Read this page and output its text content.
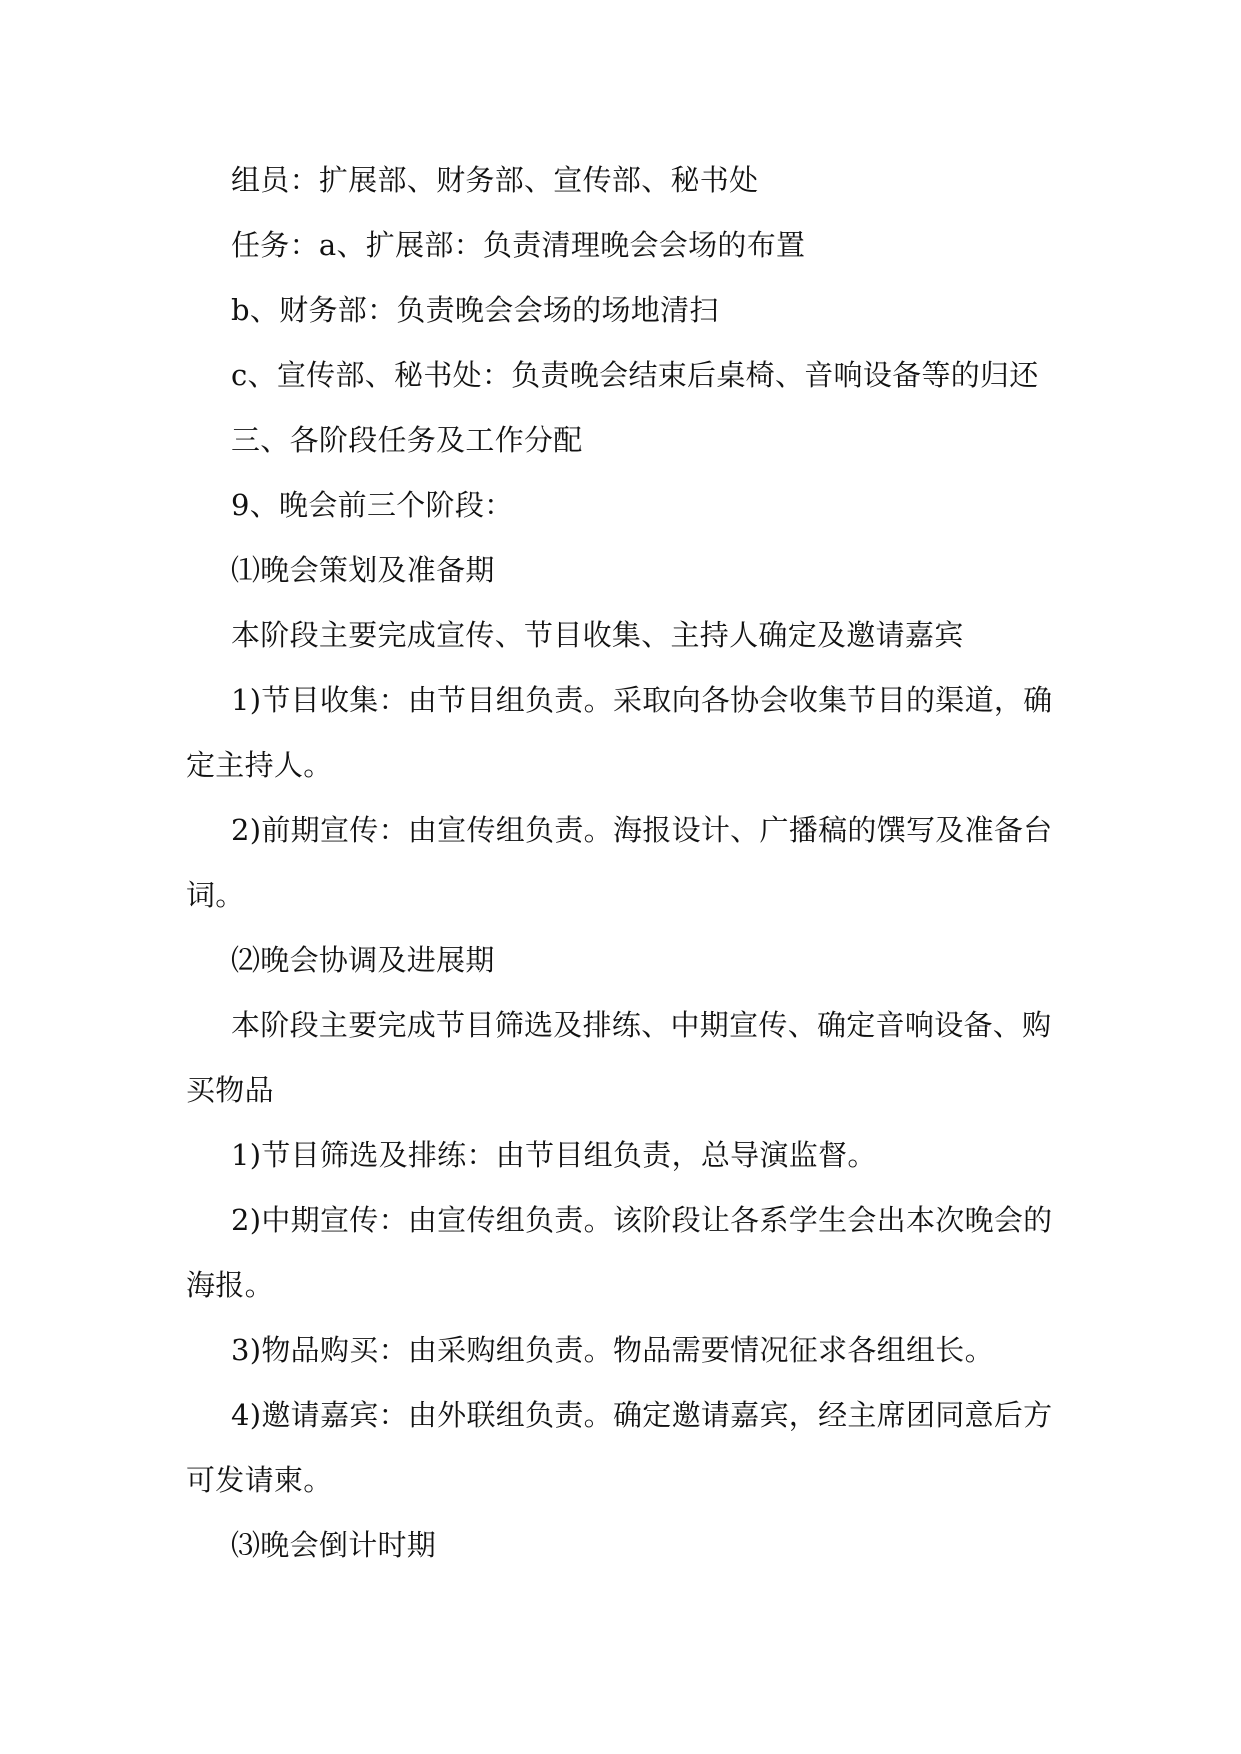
组员：扩展部、财务部、宣传部、秘书处
任务：a、扩展部：负责清理晚会会场的布置
b、财务部：负责晚会会场的场地清扫
c、宣传部、秘书处：负责晚会结束后桌椅、音响设备等的归还
三、各阶段任务及工作分配
9、晚会前三个阶段：
⑴晚会策划及准备期
本阶段主要完成宣传、节目收集、主持人确定及邀请嘉宾
1)节目收集：由节目组负责。采取向各协会收集节目的渠道，确
定主持人。
2)前期宣传：由宣传组负责。海报设计、广播稿的馔写及准备台
词。
⑵晚会协调及进展期
本阶段主要完成节目筛选及排练、中期宣传、确定音响设备、购
买物品
1)节目筛选及排练：由节目组负责，总导演监督。
2)中期宣传：由宣传组负责。该阶段让各系学生会出本次晚会的
海报。
3)物品购买：由采购组负责。物品需要情况征求各组组长。
4)邀请嘉宾：由外联组负责。确定邀请嘉宾，经主席团同意后方
可发请柬。
⑶晚会倒计时期
